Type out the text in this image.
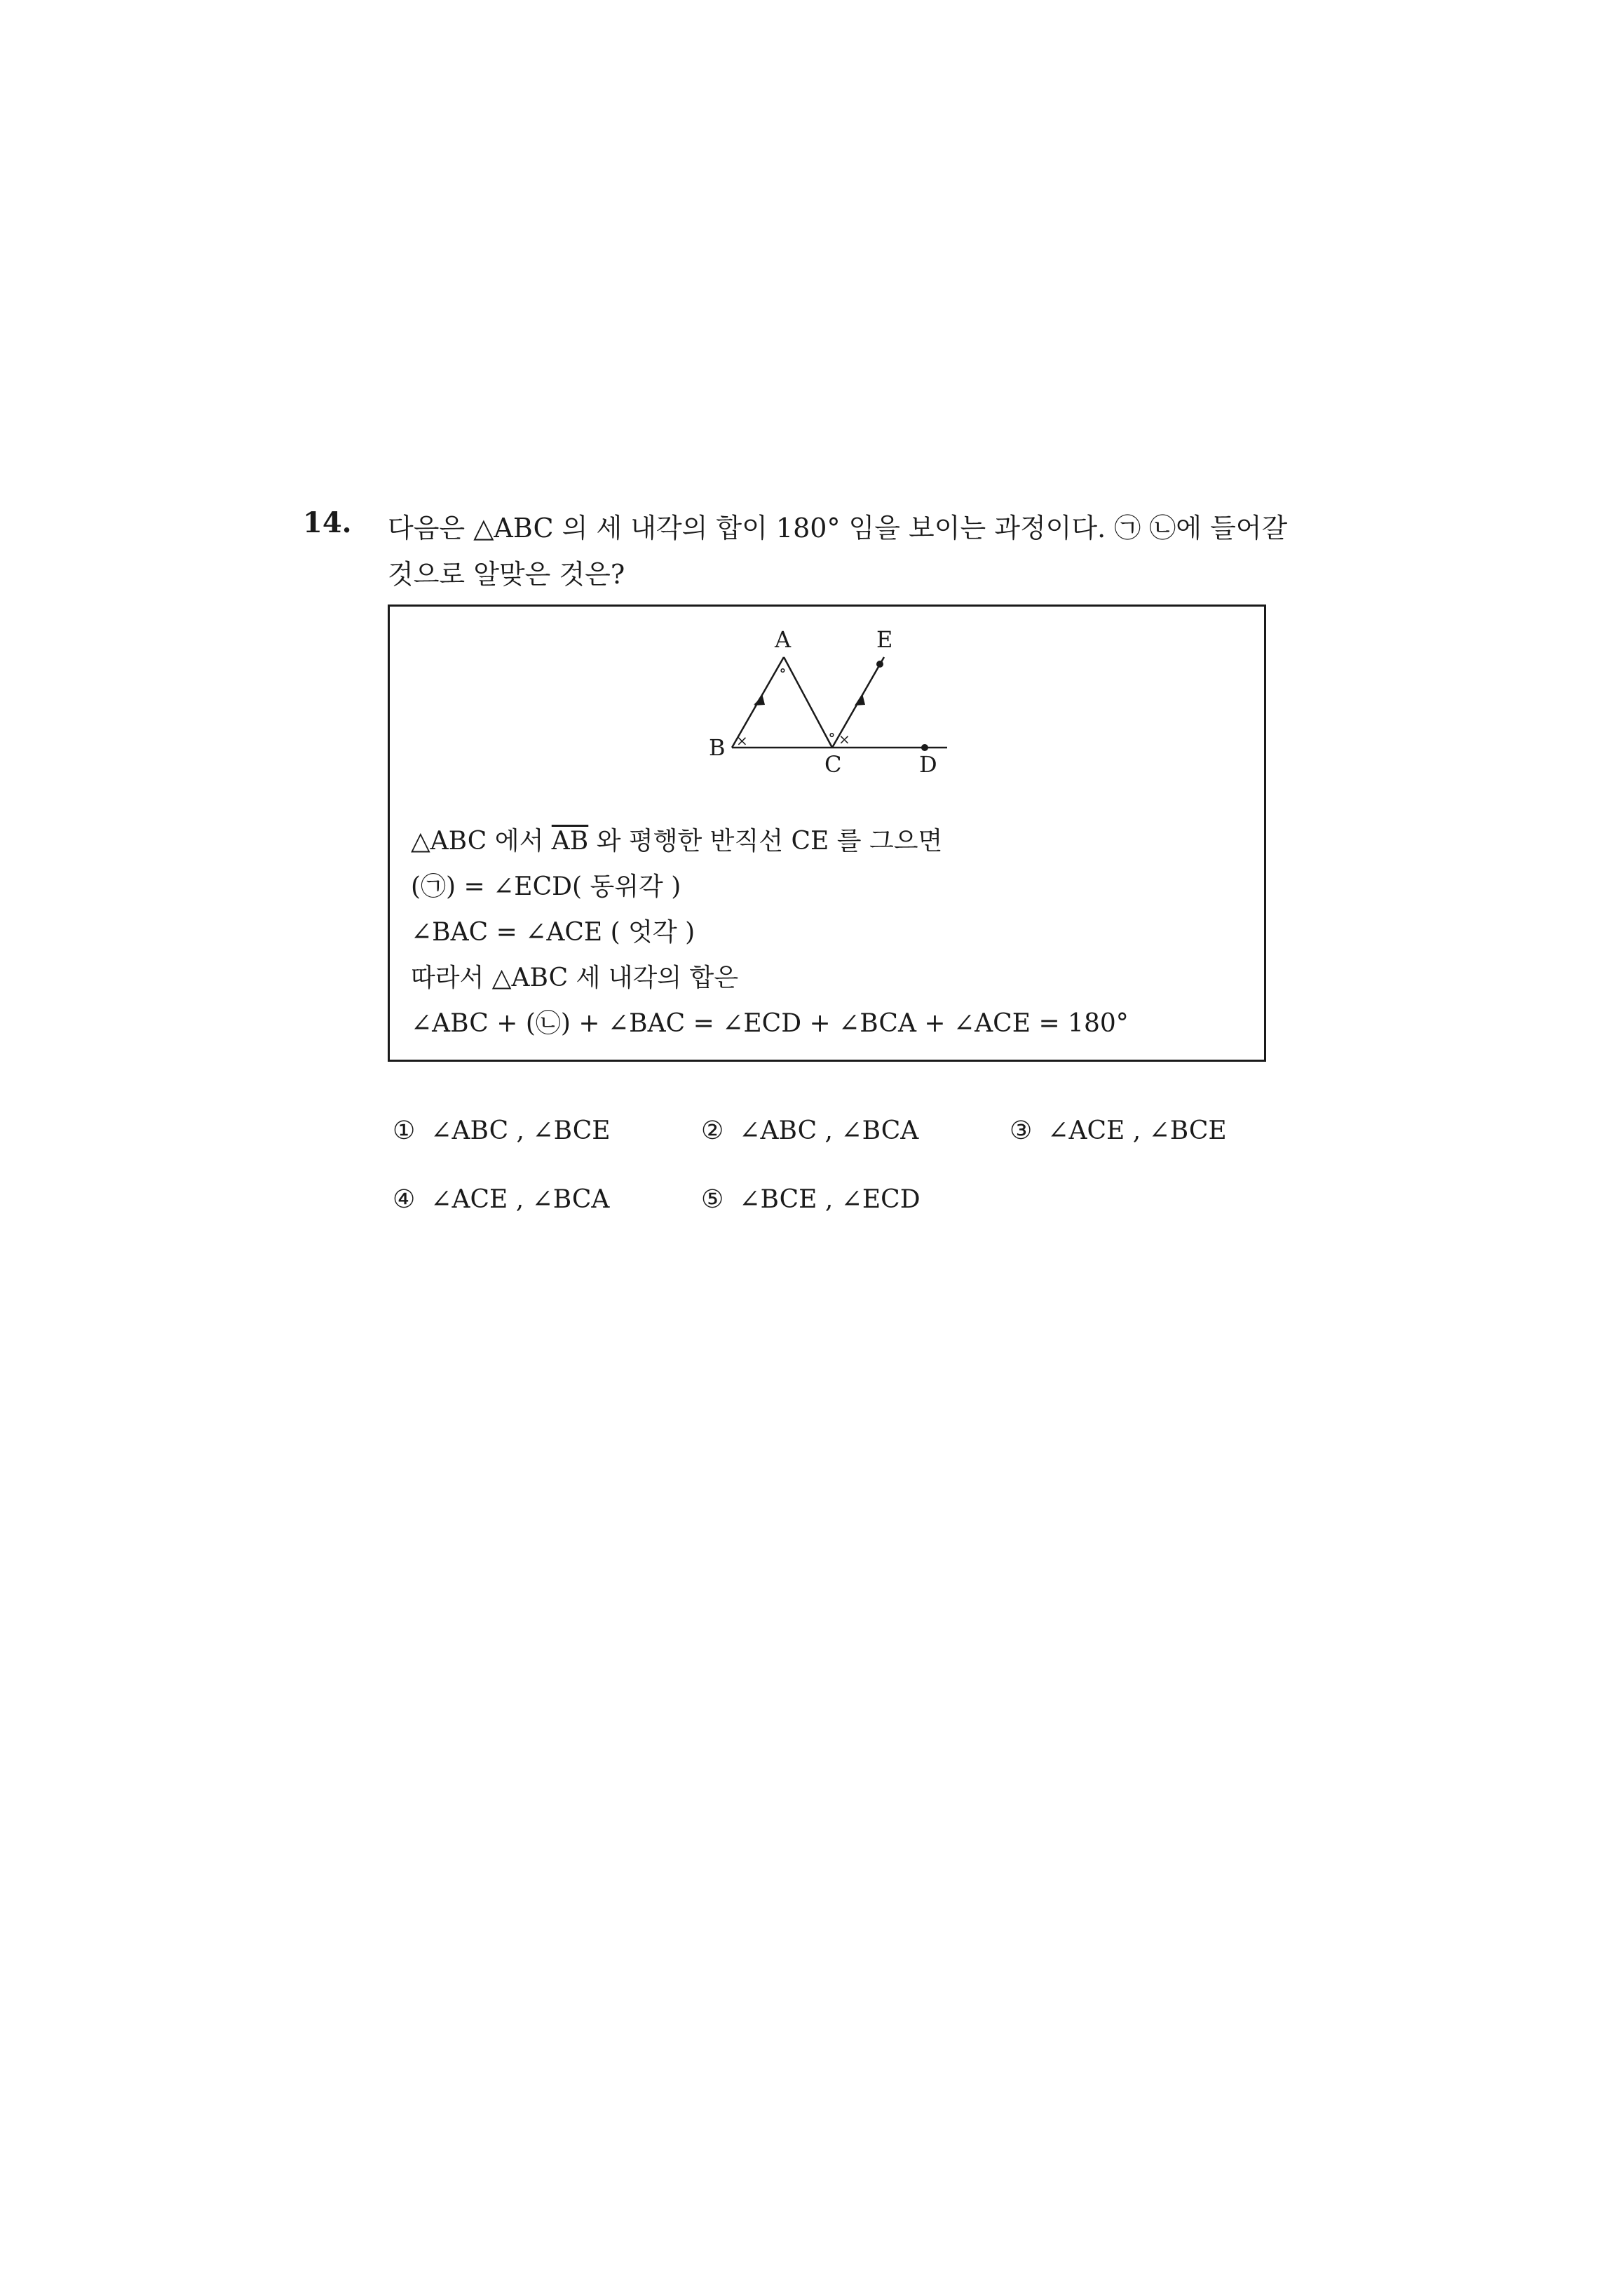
14. 다음은 △ABC 의 세 내각의 합이 180° 임을 보이는 과정이다. ㉠ ㉡에 들어갈
것으로 알맞은 것은?
∘
∘
×	×
A	E
B
C	D
△ABC 에서 $\overline{AB}$ 와 평행한 반직선 CE 를 그으면
(㉠) = ∠ECD( 동위각 )
∠BAC = ∠ACE ( 엇각 )
따라서 △ABC 세 내각의 합은
∠ABC + (㉡) + ∠BAC = ∠ECD + ∠BCA + ∠ACE = 180°
① ∠ABC , ∠BCE	② ∠ABC , ∠BCA	③ ∠ACE , ∠BCE
④ ∠ACE , ∠BCA	⑤ ∠BCE , ∠ECD
